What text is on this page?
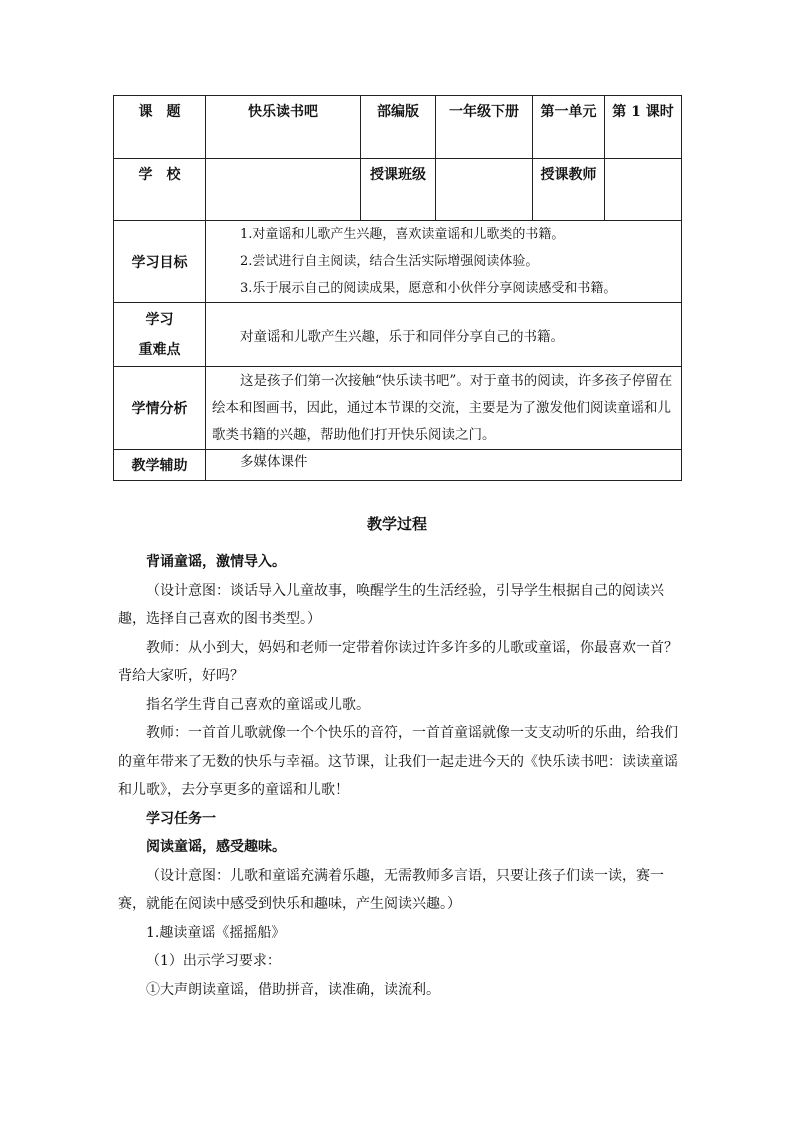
课　题	快乐读书吧	部编版	一年级下册	第一单元	第 1 课时

学　校		授课班级		授课教师	

学习目标	1.对童谣和儿歌产生兴趣，喜欢读童谣和儿歌类的书籍。
2.尝试进行自主阅读，结合生活实际增强阅读体验。
3.乐于展示自己的阅读成果，愿意和小伙伴分享阅读感受和书籍。				

学习
重难点	对童谣和儿歌产生兴趣，乐于和同伴分享自己的书籍。				

学情分析	这是孩子们第一次接触“快乐读书吧”。对于童书的阅读，许多孩子停留在绘本和图画书，因此，通过本节课的交流，主要是为了激发他们阅读童谣和儿歌类书籍的兴趣，帮助他们打开快乐阅读之门。				

教学辅助	多媒体课件				
教学过程

背诵童谣，激情导入。

（设计意图：谈话导入儿童故事，唤醒学生的生活经验，引导学生根据自己的阅读兴趣，选择自己喜欢的图书类型。）

教师：从小到大，妈妈和老师一定带着你读过许多许多的儿歌或童谣，你最喜欢一首？背给大家听，好吗？

指名学生背自己喜欢的童谣或儿歌。

教师：一首首儿歌就像一个个快乐的音符，一首首童谣就像一支支动听的乐曲，给我们的童年带来了无数的快乐与幸福。这节课，让我们一起走进今天的《快乐读书吧：读读童谣和儿歌》，去分享更多的童谣和儿歌！

学习任务一

阅读童谣，感受趣味。

（设计意图：儿歌和童谣充满着乐趣，无需教师多言语，只要让孩子们读一读，赛一赛，就能在阅读中感受到快乐和趣味，产生阅读兴趣。）

1.趣读童谣《摇摇船》

（1）出示学习要求：

①大声朗读童谣，借助拼音，读准确，读流利。
